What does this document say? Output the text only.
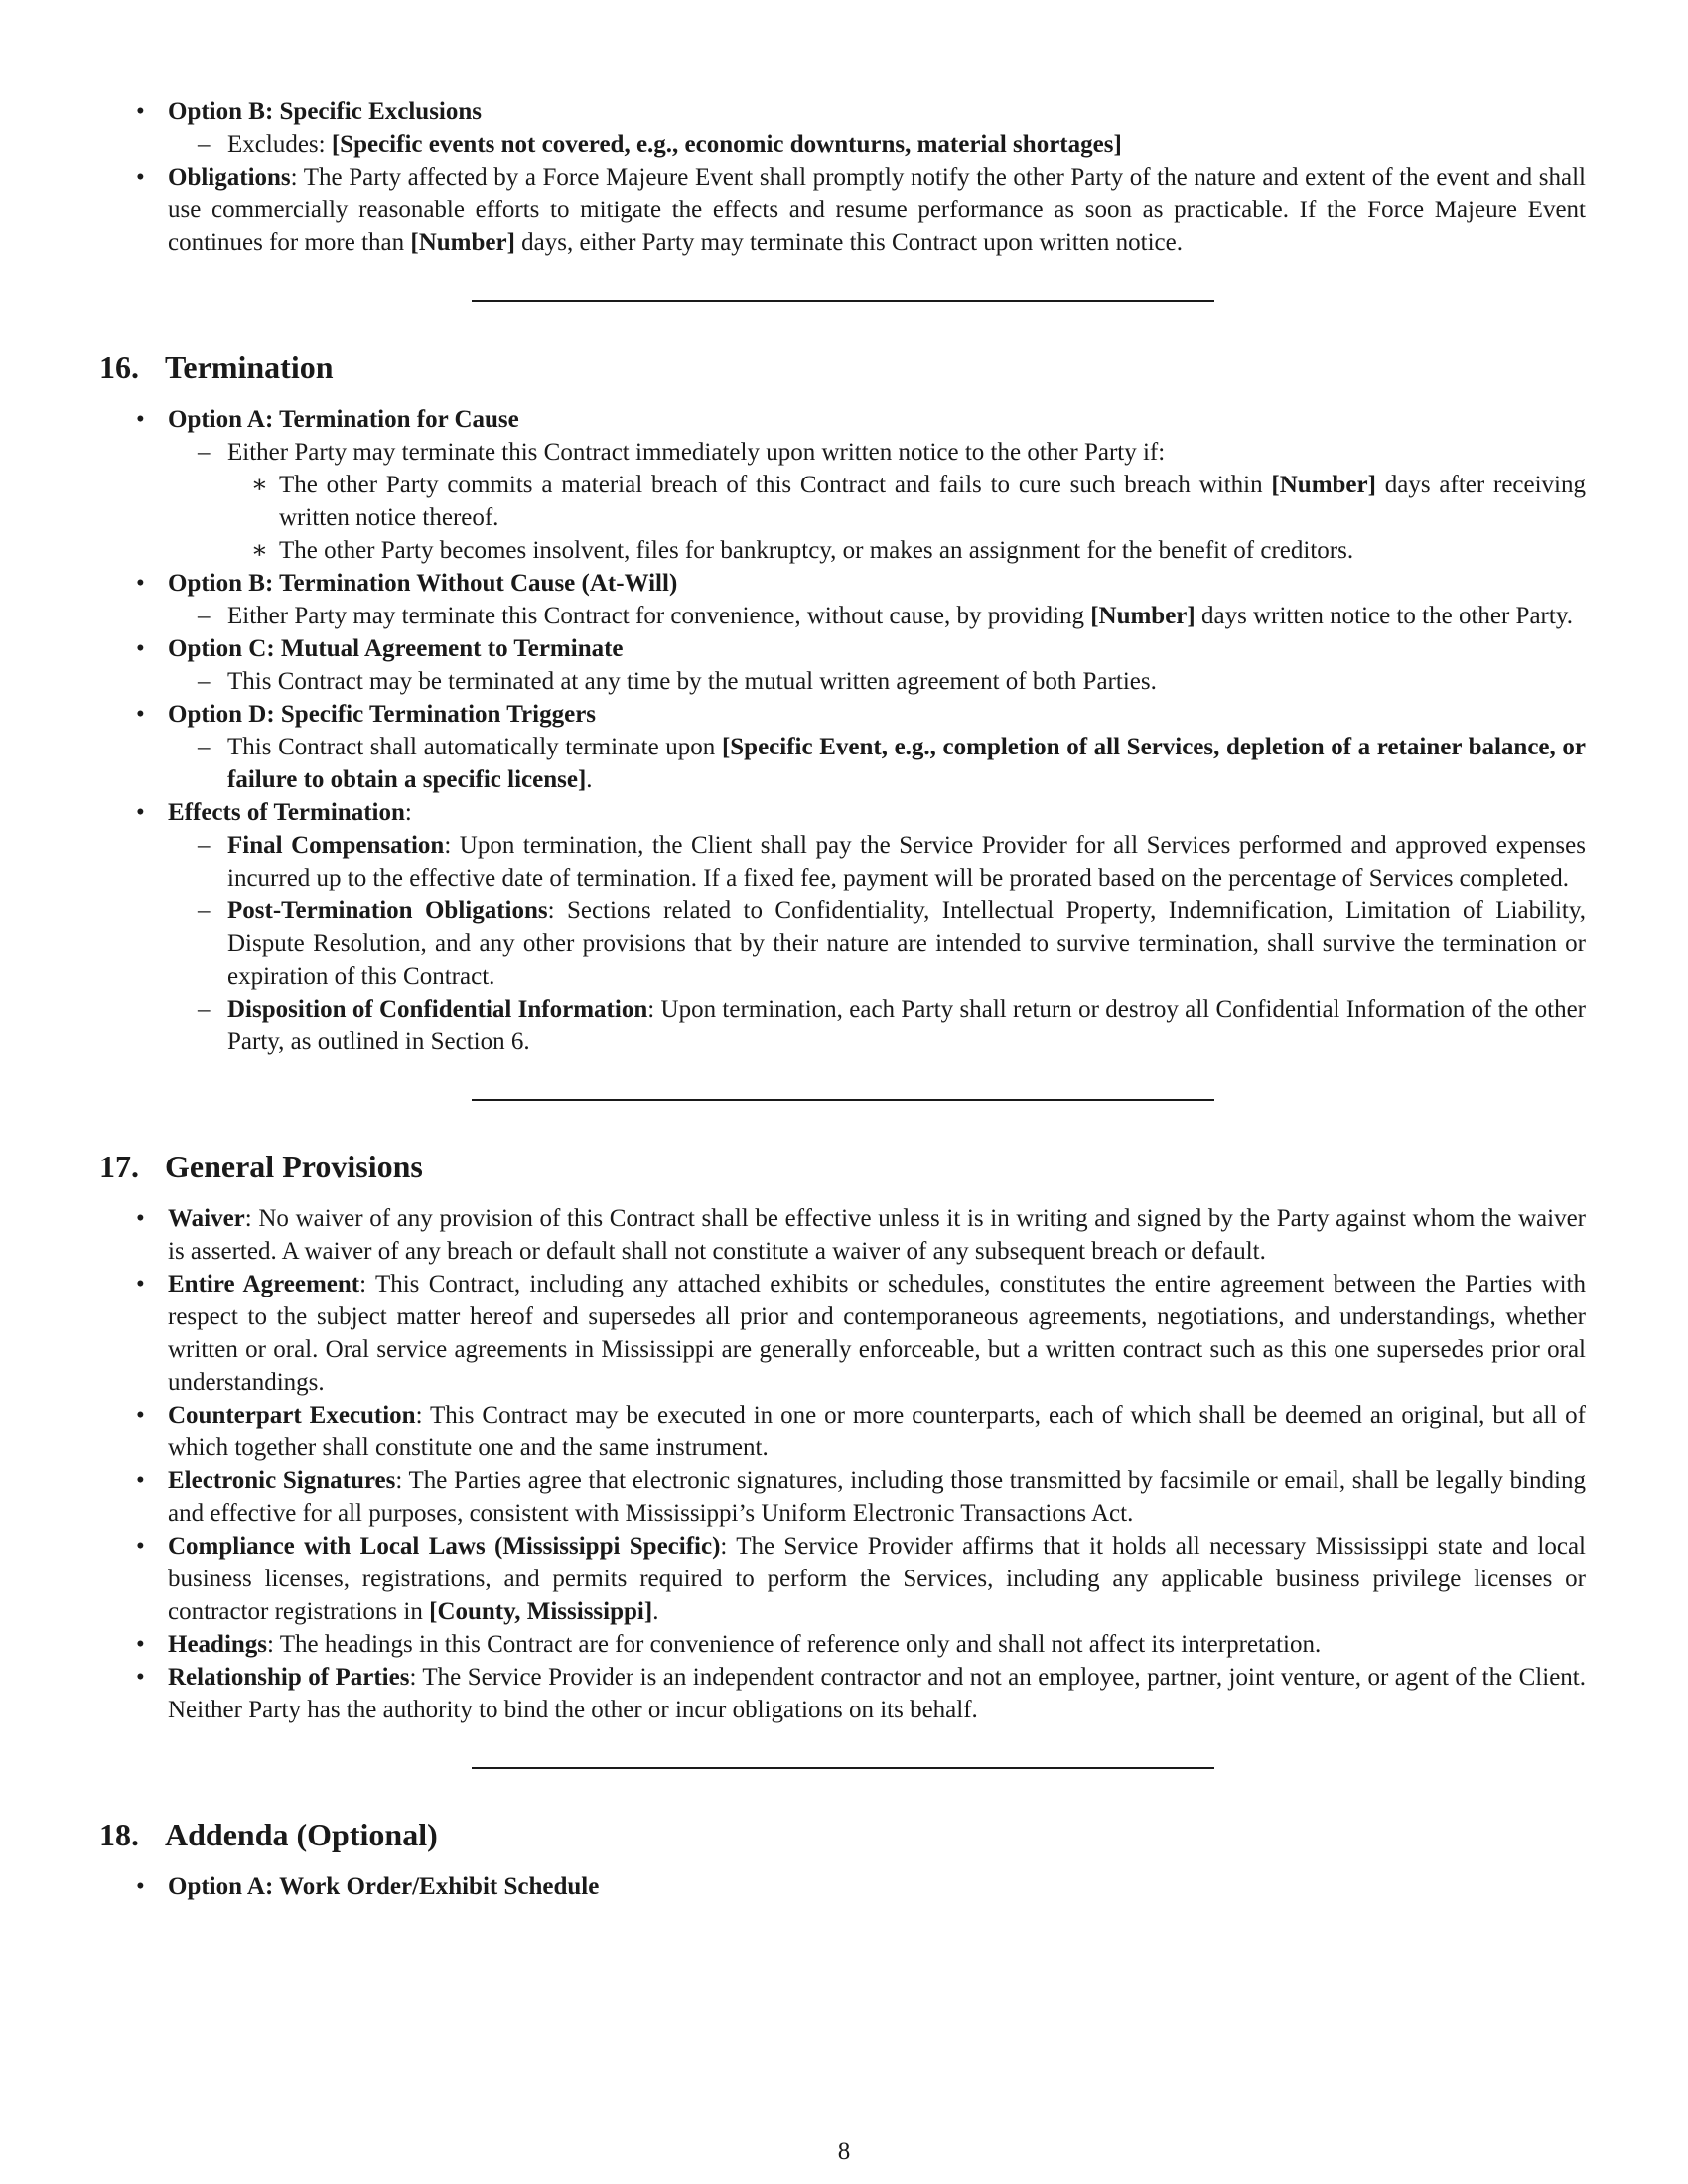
• Option B: Specific Exclusions
– Excludes: [Specific events not covered, e.g., economic downturns, material shortages]
• Obligations: The Party affected by a Force Majeure Event shall promptly notify the other Party of the nature and extent of the event and shall use commercially reasonable efforts to mitigate the effects and resume performance as soon as practicable. If the Force Majeure Event continues for more than [Number] days, either Party may terminate this Contract upon written notice.
16. Termination
• Option A: Termination for Cause
– Either Party may terminate this Contract immediately upon written notice to the other Party if:
∗ The other Party commits a material breach of this Contract and fails to cure such breach within [Number] days after receiving written notice thereof.
∗ The other Party becomes insolvent, files for bankruptcy, or makes an assignment for the benefit of creditors.
• Option B: Termination Without Cause (At-Will)
– Either Party may terminate this Contract for convenience, without cause, by providing [Number] days written notice to the other Party.
• Option C: Mutual Agreement to Terminate
– This Contract may be terminated at any time by the mutual written agreement of both Parties.
• Option D: Specific Termination Triggers
– This Contract shall automatically terminate upon [Specific Event, e.g., completion of all Services, depletion of a retainer balance, or failure to obtain a specific license].
• Effects of Termination:
– Final Compensation: Upon termination, the Client shall pay the Service Provider for all Services performed and approved expenses incurred up to the effective date of termination. If a fixed fee, payment will be prorated based on the percentage of Services completed.
– Post-Termination Obligations: Sections related to Confidentiality, Intellectual Property, Indemnification, Limitation of Liability, Dispute Resolution, and any other provisions that by their nature are intended to survive termination, shall survive the termination or expiration of this Contract.
– Disposition of Confidential Information: Upon termination, each Party shall return or destroy all Confidential Information of the other Party, as outlined in Section 6.
17. General Provisions
• Waiver: No waiver of any provision of this Contract shall be effective unless it is in writing and signed by the Party against whom the waiver is asserted. A waiver of any breach or default shall not constitute a waiver of any subsequent breach or default.
• Entire Agreement: This Contract, including any attached exhibits or schedules, constitutes the entire agreement between the Parties with respect to the subject matter hereof and supersedes all prior and contemporaneous agreements, negotiations, and understandings, whether written or oral. Oral service agreements in Mississippi are generally enforceable, but a written contract such as this one supersedes prior oral understandings.
• Counterpart Execution: This Contract may be executed in one or more counterparts, each of which shall be deemed an original, but all of which together shall constitute one and the same instrument.
• Electronic Signatures: The Parties agree that electronic signatures, including those transmitted by facsimile or email, shall be legally binding and effective for all purposes, consistent with Mississippi’s Uniform Electronic Transactions Act.
• Compliance with Local Laws (Mississippi Specific): The Service Provider affirms that it holds all necessary Mississippi state and local business licenses, registrations, and permits required to perform the Services, including any applicable business privilege licenses or contractor registrations in [County, Mississippi].
• Headings: The headings in this Contract are for convenience of reference only and shall not affect its interpretation.
• Relationship of Parties: The Service Provider is an independent contractor and not an employee, partner, joint venture, or agent of the Client. Neither Party has the authority to bind the other or incur obligations on its behalf.
18. Addenda (Optional)
• Option A: Work Order/Exhibit Schedule
8
